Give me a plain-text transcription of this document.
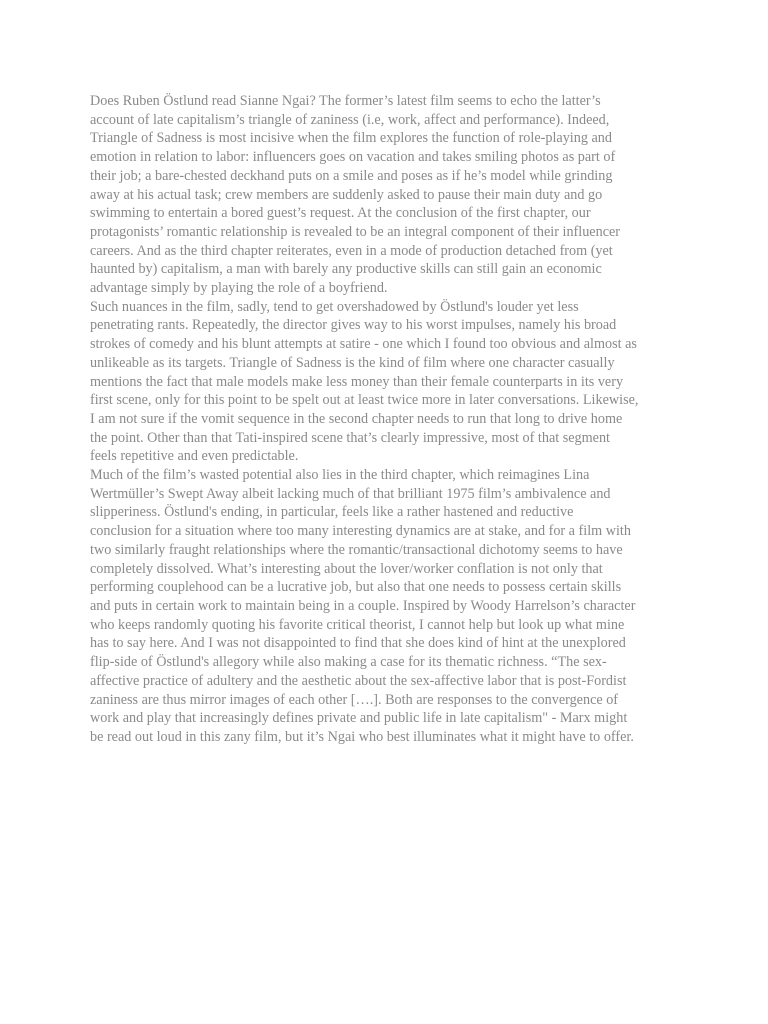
Does Ruben Östlund read Sianne Ngai? The former’s latest film seems to echo the latter’s
account of late capitalism’s triangle of zaniness (i.e, work, affect and performance). Indeed,
Triangle of Sadness is most incisive when the film explores the function of role-playing and
emotion in relation to labor: influencers goes on vacation and takes smiling photos as part of
their job; a bare-chested deckhand puts on a smile and poses as if he’s model while grinding
away at his actual task; crew members are suddenly asked to pause their main duty and go
swimming to entertain a bored guest’s request. At the conclusion of the first chapter, our
protagonists’ romantic relationship is revealed to be an integral component of their influencer
careers. And as the third chapter reiterates, even in a mode of production detached from (yet
haunted by) capitalism, a man with barely any productive skills can still gain an economic
advantage simply by playing the role of a boyfriend.

Such nuances in the film, sadly, tend to get overshadowed by Östlund's louder yet less
penetrating rants. Repeatedly, the director gives way to his worst impulses, namely his broad
strokes of comedy and his blunt attempts at satire - one which I found too obvious and almost as
unlikeable as its targets. Triangle of Sadness is the kind of film where one character casually
mentions the fact that male models make less money than their female counterparts in its very
first scene, only for this point to be spelt out at least twice more in later conversations. Likewise,
I am not sure if the vomit sequence in the second chapter needs to run that long to drive home
the point. Other than that Tati-inspired scene that’s clearly impressive, most of that segment
feels repetitive and even predictable.

Much of the film’s wasted potential also lies in the third chapter, which reimagines Lina
Wertmüller’s Swept Away albeit lacking much of that brilliant 1975 film’s ambivalence and
slipperiness. Östlund's ending, in particular, feels like a rather hastened and reductive
conclusion for a situation where too many interesting dynamics are at stake, and for a film with
two similarly fraught relationships where the romantic/transactional dichotomy seems to have
completely dissolved. What’s interesting about the lover/worker conflation is not only that
performing couplehood can be a lucrative job, but also that one needs to possess certain skills
and puts in certain work to maintain being in a couple. Inspired by Woody Harrelson’s character
who keeps randomly quoting his favorite critical theorist, I cannot help but look up what mine
has to say here. And I was not disappointed to find that she does kind of hint at the unexplored
flip-side of Östlund's allegory while also making a case for its thematic richness. “The sex-
affective practice of adultery and the aesthetic about the sex-affective labor that is post-Fordist
zaniness are thus mirror images of each other [….]. Both are responses to the convergence of
work and play that increasingly defines private and public life in late capitalism" - Marx might
be read out loud in this zany film, but it’s Ngai who best illuminates what it might have to offer.
